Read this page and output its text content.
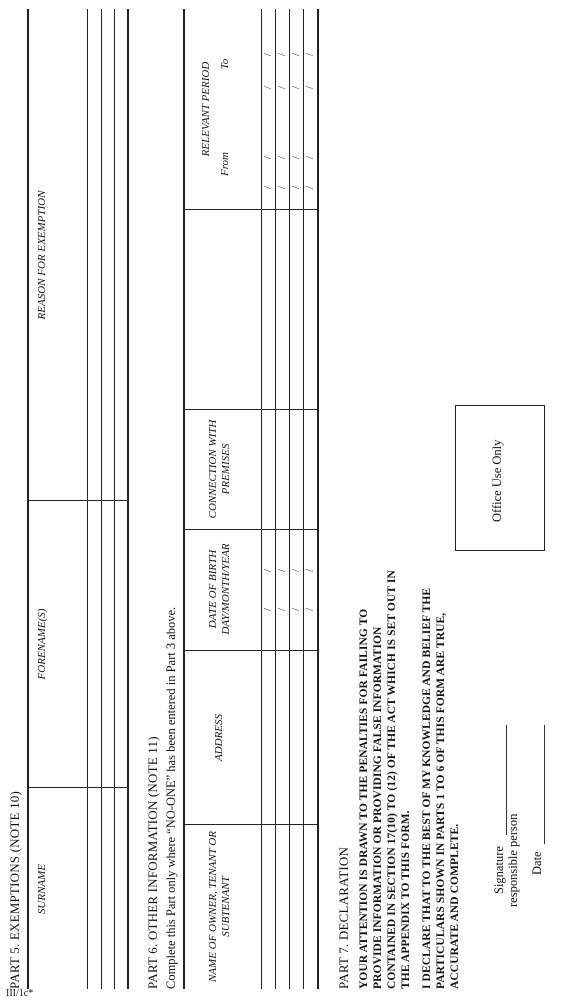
PART 5. EXEMPTIONS (NOTE 10) SURNAME
FORENAME(S)
REASON FOR EXEMPTION
PART 6. OTHER INFORMATION (NOTE 11) Complete this Part only where “NO-ONE” has been entered in Part 3 above.	NAME OF OWNER, TENANT OR SUBTENANT
ADDRESS
DATE OF BIRTH DAY/MONTH/YEAR
CONNECTION WITH PREMISES
RELEVANT PERIOD
From
To
/
/
/
/
/
/
/
/
/
/
/
/
/
/
/
/
/
/
/
/
/
/
/
/
PART 7. DECLARATION YOUR ATTENTION IS DRAWN TO THE PENALTIES FOR FAILING TO PROVIDE INFORMATION OR PROVIDING FALSE INFORMATION CONTAINED IN SECTION 17(10) TO (12) OF THE ACT WHICH IS SET OUT IN THE APPENDIX TO THIS FORM. I DECLARE THAT TO THE BEST OF MY KNOWLEDGE AND BELIEF THE PARTICULARS SHOWN IN PARTS 1 TO 6 OF THIS FORM ARE TRUE, ACCURATE AND COMPLETE. Signature responsible person Date
Office Use Only
III/1c*
